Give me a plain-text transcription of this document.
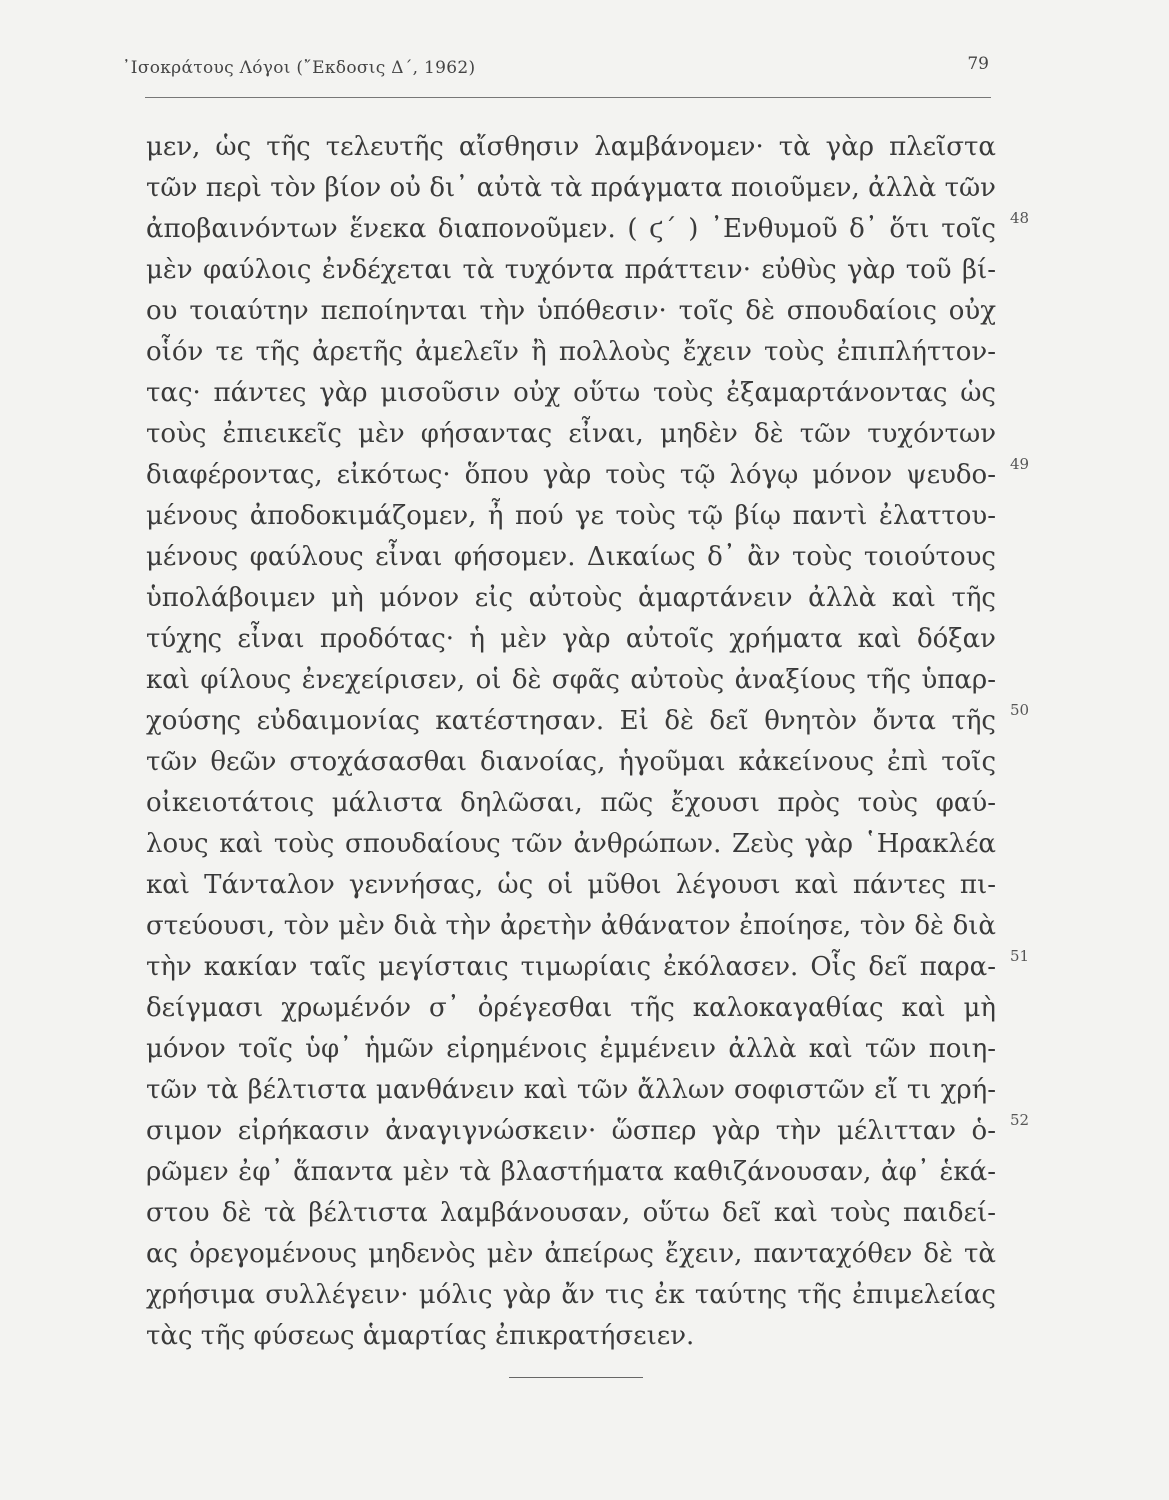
᾿Ισοκράτους Λόγοι (῎Εκδοσις Δ΄, 1962)	79
μεν, ὡς τῆς τελευτῆς αἴσθησιν λαμβάνομεν· τὰ γὰρ πλεῖστα
τῶν περὶ τὸν βίον οὐ δι᾿ αὐτὰ τὰ πράγματα ποιοῦμεν, ἀλλὰ τῶν
ἀποβαινόντων ἕνεκα διαπονοῦμεν. ( ϛ΄ ) ᾿Ενθυμοῦ δ᾿ ὅτι τοῖς
μὲν φαύλοις ἐνδέχεται τὰ τυχόντα πράττειν· εὐθὺς γὰρ τοῦ βί-
ου τοιαύτην πεποίηνται τὴν ὑπόθεσιν· τοῖς δὲ σπουδαίοις οὐχ
οἷόν τε τῆς ἀρετῆς ἀμελεῖν ἢ πολλοὺς ἔχειν τοὺς ἐπιπλήττον-
τας· πάντες γὰρ μισοῦσιν οὐχ οὕτω τοὺς ἐξαμαρτάνοντας ὡς
τοὺς ἐπιεικεῖς μὲν φήσαντας εἶναι, μηδὲν δὲ τῶν τυχόντων
διαφέροντας, εἰκότως· ὅπου γὰρ τοὺς τῷ λόγῳ μόνον ψευδο-
μένους ἀποδοκιμάζομεν, ἦ πού γε τοὺς τῷ βίῳ παντὶ ἐλαττου-
μένους φαύλους εἶναι φήσομεν. Δικαίως δ᾿ ἂν τοὺς τοιούτους
ὑπολάβοιμεν μὴ μόνον εἰς αὐτοὺς ἁμαρτάνειν ἀλλὰ καὶ τῆς
τύχης εἶναι προδότας· ἡ μὲν γὰρ αὐτοῖς χρήματα καὶ δόξαν
καὶ φίλους ἐνεχείρισεν, οἱ δὲ σφᾶς αὐτοὺς ἀναξίους τῆς ὑπαρ-
χούσης εὐδαιμονίας κατέστησαν. Εἰ δὲ δεῖ θνητὸν ὄντα τῆς
τῶν θεῶν στοχάσασθαι διανοίας, ἡγοῦμαι κἀκείνους ἐπὶ τοῖς
οἰκειοτάτοις μάλιστα δηλῶσαι, πῶς ἔχουσι πρὸς τοὺς φαύ-
λους καὶ τοὺς σπουδαίους τῶν ἀνθρώπων. Ζεὺς γὰρ ῾Ηρακλέα
καὶ Τάνταλον γεννήσας, ὡς οἱ μῦθοι λέγουσι καὶ πάντες πι-
στεύουσι, τὸν μὲν διὰ τὴν ἀρετὴν ἀθάνατον ἐποίησε, τὸν δὲ διὰ
τὴν κακίαν ταῖς μεγίσταις τιμωρίαις ἐκόλασεν. Οἷς δεῖ παρα-
δείγμασι χρωμένόν σ᾿ ὀρέγεσθαι τῆς καλοκαγαθίας καὶ μὴ
μόνον τοῖς ὑφ᾿ ἡμῶν εἰρημένοις ἐμμένειν ἀλλὰ καὶ τῶν ποιη-
τῶν τὰ βέλτιστα μανθάνειν καὶ τῶν ἄλλων σοφιστῶν εἴ τι χρή-
σιμον εἰρήκασιν ἀναγιγνώσκειν· ὥσπερ γὰρ τὴν μέλιτταν ὁ-
ρῶμεν ἐφ᾿ ἅπαντα μὲν τὰ βλαστήματα καθιζάνουσαν, ἀφ᾿ ἑκά-
στου δὲ τὰ βέλτιστα λαμβάνουσαν, οὕτω δεῖ καὶ τοὺς παιδεί-
ας ὀρεγομένους μηδενὸς μὲν ἀπείρως ἔχειν, πανταχόθεν δὲ τὰ
χρήσιμα συλλέγειν· μόλις γὰρ ἄν τις ἐκ ταύτης τῆς ἐπιμελείας
τὰς τῆς φύσεως ἁμαρτίας ἐπικρατήσειεν.
48
49
50
51
52
